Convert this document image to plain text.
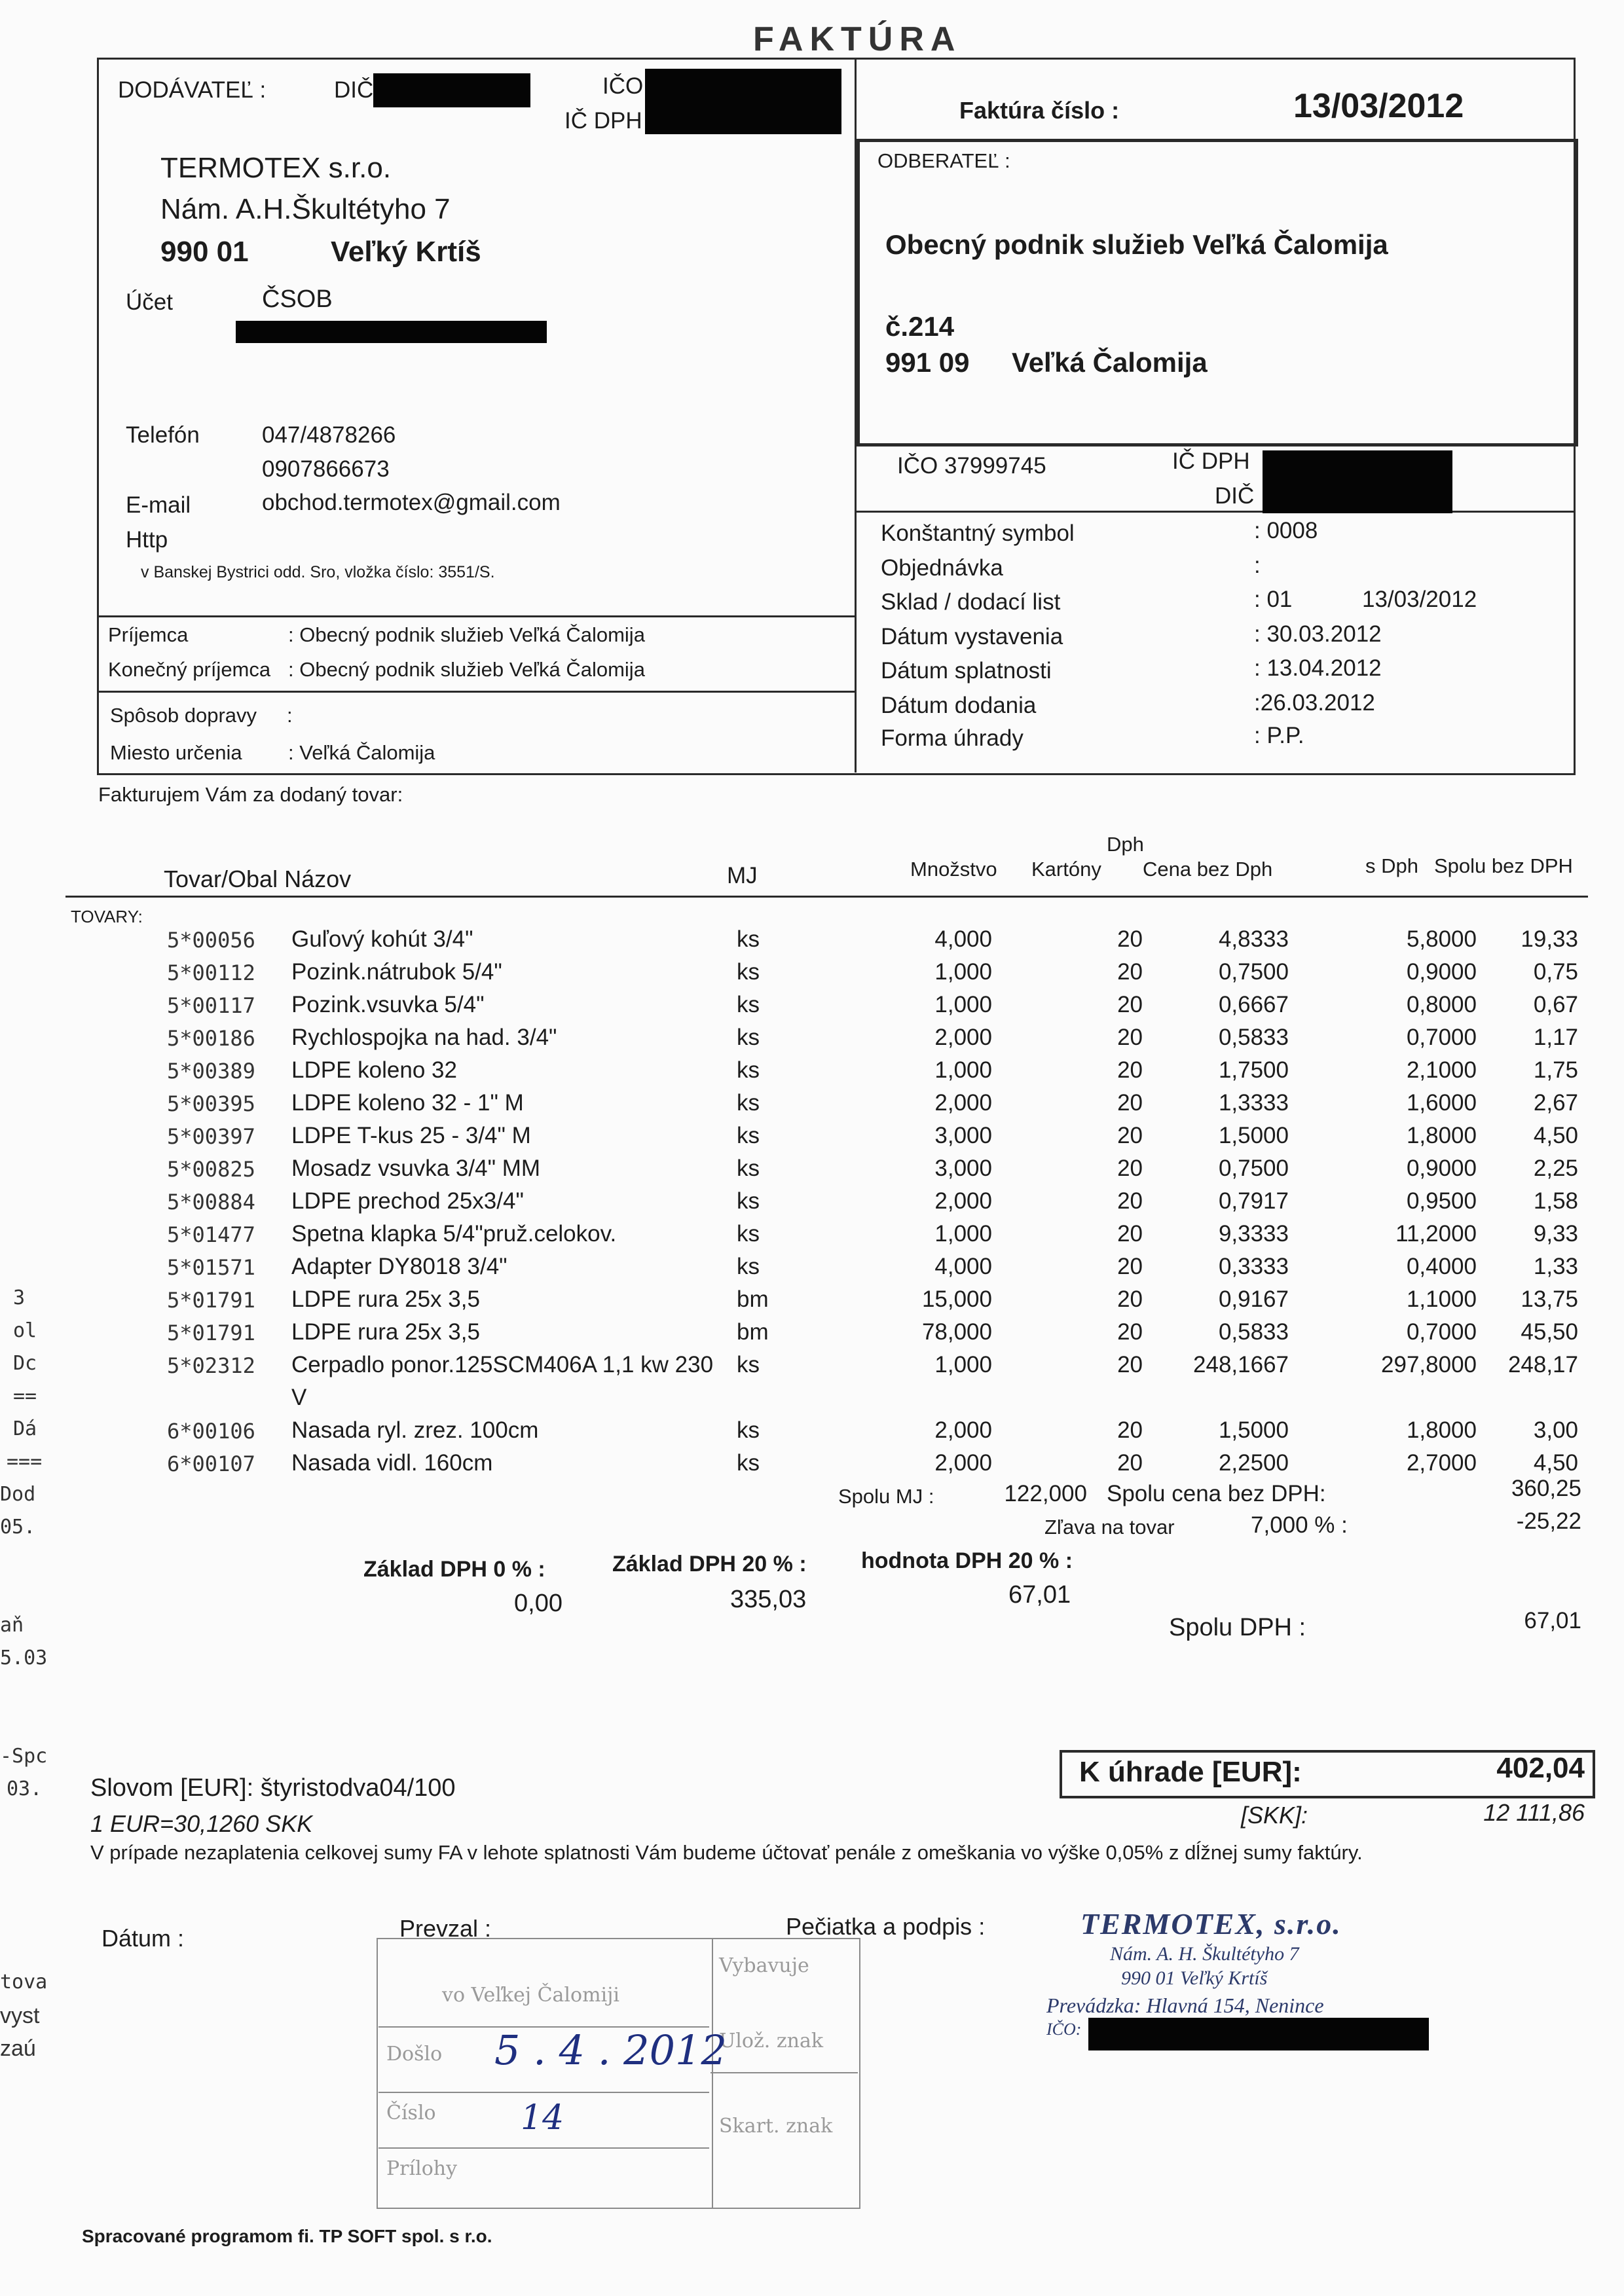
3
ol
Dc
==
Dá
===
Dod
05.
aň
5.03
-Spc
03.
tova
vyst
zaú
FAKTÚRA
DODÁVATEĽ :	DIČ	IČO
IČ DPH
TERMOTEX s.r.o.
Nám. A.H.Škultétyho 7
990 01	Veľký Krtíš
Účet	ČSOB
Telefón	047/4878266
0907866673
E-mail	obchod.termotex@gmail.com
Http
v Banskej Bystrici odd. Sro, vložka číslo: 3551/S.
Príjemca	: Obecný podnik služieb Veľká Čalomija
Konečný príjemca : Obecný podnik služieb Veľká Čalomija
Spôsob dopravy :
Miesto určenia : Veľká Čalomija
Faktúra číslo :	13/03/2012
ODBERATEĽ :
Obecný podnik služieb Veľká Čalomija
č.214
991 09 Veľká Čalomija
IČO 37999745	IČ DPH
DIČ
Konštantný symbol	: 0008
Objednávka	:
Sklad / dodací list	: 01	13/03/2012
Dátum vystavenia	: 30.03.2012
Dátum splatnosti	: 13.04.2012
Dátum dodania	:26.03.2012
Forma úhrady	: P.P.
Fakturujem Vám za dodaný tovar:
Tovar/Obal Názov	MJ	Množstvo Kartóny
Dph
Cena bez Dph	s Dph Spolu bez DPH
TOVARY:
5*00056 Guľový kohút 3/4"	ks	4,000	20	4,8333	5,8000	19,33
5*00112 Pozink.nátrubok 5/4"	ks	1,000	20	0,7500	0,9000	0,75
5*00117 Pozink.vsuvka 5/4"	ks	1,000	20	0,6667	0,8000	0,67
5*00186 Rychlospojka na had. 3/4"	ks	2,000	20	0,5833	0,7000	1,17
5*00389 LDPE koleno 32	ks	1,000	20	1,7500	2,1000	1,75
5*00395 LDPE koleno 32 - 1" M	ks	2,000	20	1,3333	1,6000	2,67
5*00397 LDPE T-kus 25 - 3/4" M	ks	3,000	20	1,5000	1,8000	4,50
5*00825 Mosadz vsuvka 3/4" MM	ks	3,000	20	0,7500	0,9000	2,25
5*00884 LDPE prechod 25x3/4"	ks	2,000	20	0,7917	0,9500	1,58
5*01477 Spetna klapka 5/4"pruž.celokov.	ks	1,000	20	9,3333	11,2000	9,33
5*01571 Adapter DY8018 3/4"	ks	4,000	20	0,3333	0,4000	1,33
5*01791 LDPE rura 25x 3,5	bm	15,000	20	0,9167	1,1000	13,75
5*01791 LDPE rura 25x 3,5	bm	78,000	20	0,5833	0,7000	45,50
5*02312 Cerpadlo ponor.125SCM406A 1,1 kw 230 ks	1,000	20	248,1667	297,8000	248,17
V
6*00106 Nasada ryl. zrez. 100cm	ks	2,000	20	1,5000	1,8000	3,00
6*00107 Nasada vidl. 160cm	ks	2,000	20	2,2500	2,7000	4,50
Spolu MJ :	122,000 Spolu cena bez DPH:	360,25
Zľava na tovar	7,000 % :	-25,22
Základ DPH 0 % :
0,00
Základ DPH 20 % :
335,03
hodnota DPH 20 % :
67,01
Spolu DPH :	67,01
Slovom [EUR]: štyristodva04/100
1 EUR=30,1260 SKK
K úhrade [EUR]:	402,04
[SKK]:	12 111,86
V prípade nezaplatenia celkovej sumy FA v lehote splatnosti Vám budeme účtovať penále z omeškania vo výške 0,05% z dĺžnej sumy faktúry.
Dátum :	Prevzal :	Pečiatka a podpis :
vo Veľkej Čalomiji
Vybavuje
Došlo
Ulož. znak
Číslo
Skart. znak
Prílohy
5 . 4 . 2012
14
TERMOTEX, s.r.o.
Nám. A. H. Škultétyho 7
990 01 Veľký Krtíš
Prevádzka: Hlavná 154, Nenince
IČO:
Spracované programom fi. TP SOFT spol. s r.o.
